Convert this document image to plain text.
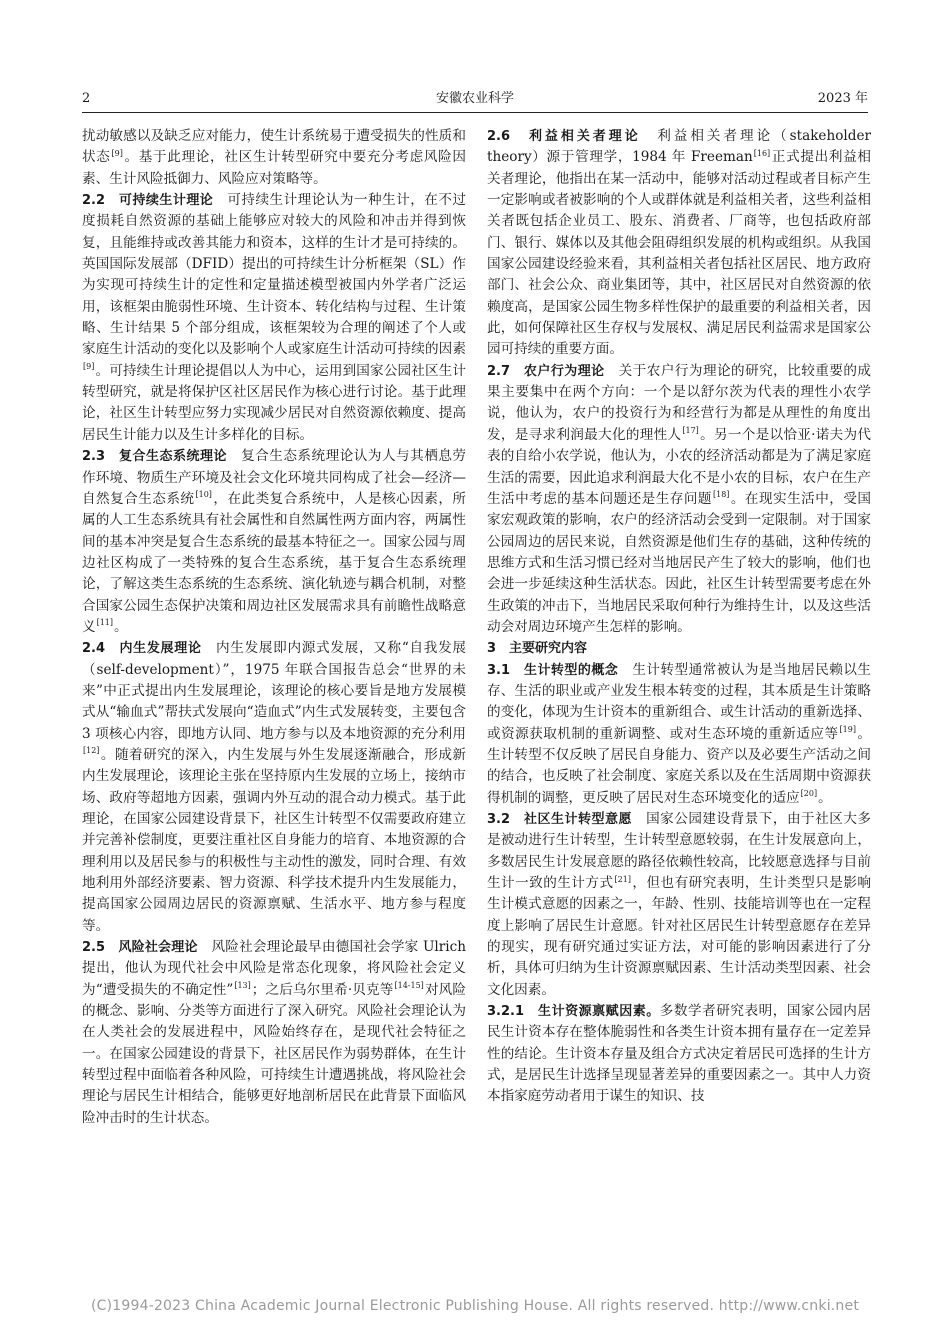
2	安徽农业科学	2023 年

扰动敏感以及缺乏应对能力，使生计系统易于遭受损失的性质和状态[9]。基于此理论，社区生计转型研究中要充分考虑风险因素、生计风险抵御力、风险应对策略等。

2.2　可持续生计理论　可持续生计理论认为一种生计，在不过度损耗自然资源的基础上能够应对较大的风险和冲击并得到恢复，且能维持或改善其能力和资本，这样的生计才是可持续的。英国国际发展部（DFID）提出的可持续生计分析框架（SL）作为实现可持续生计的定性和定量描述模型被国内外学者广泛运用，该框架由脆弱性环境、生计资本、转化结构与过程、生计策略、生计结果 5 个部分组成，该框架较为合理的阐述了个人或家庭生计活动的变化以及影响个人或家庭生计活动可持续的因素[9]。可持续生计理论提倡以人为中心，运用到国家公园社区生计转型研究，就是将保护区社区居民作为核心进行讨论。基于此理论，社区生计转型应努力实现减少居民对自然资源依赖度、提高居民生计能力以及生计多样化的目标。

2.3　复合生态系统理论　复合生态系统理论认为人与其栖息劳作环境、物质生产环境及社会文化环境共同构成了社会—经济—自然复合生态系统[10]，在此类复合系统中，人是核心因素，所属的人工生态系统具有社会属性和自然属性两方面内容，两属性间的基本冲突是复合生态系统的最基本特征之一。国家公园与周边社区构成了一类特殊的复合生态系统，基于复合生态系统理论，了解这类生态系统的生态系统、演化轨迹与耦合机制，对整合国家公园生态保护决策和周边社区发展需求具有前瞻性战略意义[11]。

2.4　内生发展理论　内生发展即内源式发展，又称“自我发展（self-development）”，1975 年联合国报告总会“世界的未来”中正式提出内生发展理论，该理论的核心要旨是地方发展模式从“输血式”帮扶式发展向“造血式”内生式发展转变，主要包含 3 项核心内容，即地方认同、地方参与以及本地资源的充分利用[12]。随着研究的深入，内生发展与外生发展逐渐融合，形成新内生发展理论，该理论主张在坚持原内生发展的立场上，接纳市场、政府等超地方因素，强调内外互动的混合动力模式。基于此理论，在国家公园建设背景下，社区生计转型不仅需要政府建立并完善补偿制度，更要注重社区自身能力的培育、本地资源的合理利用以及居民参与的积极性与主动性的激发，同时合理、有效地利用外部经济要素、智力资源、科学技术提升内生发展能力，提高国家公园周边居民的资源禀赋、生活水平、地方参与程度等。

2.5　风险社会理论　风险社会理论最早由德国社会学家 Ulrich 提出，他认为现代社会中风险是常态化现象，将风险社会定义为“遭受损失的不确定性”[13]；之后乌尔里希·贝克等[14-15]对风险的概念、影响、分类等方面进行了深入研究。风险社会理论认为在人类社会的发展进程中，风险始终存在，是现代社会特征之一。在国家公园建设的背景下，社区居民作为弱势群体，在生计转型过程中面临着各种风险，可持续生计遭遇挑战，将风险社会理论与居民生计相结合，能够更好地剖析居民在此背景下面临风险冲击时的生计状态。

2.6　利益相关者理论　利益相关者理论（stakeholder theory）源于管理学，1984 年 Freeman[16]正式提出利益相关者理论，他指出在某一活动中，能够对活动过程或者目标产生一定影响或者被影响的个人或群体就是利益相关者，这些利益相关者既包括企业员工、股东、消费者、厂商等，也包括政府部门、银行、媒体以及其他会阻碍组织发展的机构或组织。从我国国家公园建设经验来看，其利益相关者包括社区居民、地方政府部门、社会公众、商业集团等，其中，社区居民对自然资源的依赖度高，是国家公园生物多样性保护的最重要的利益相关者，因此，如何保障社区生存权与发展权、满足居民利益需求是国家公园可持续的重要方面。

2.7　农户行为理论　关于农户行为理论的研究，比较重要的成果主要集中在两个方向：一个是以舒尔茨为代表的理性小农学说，他认为，农户的投资行为和经营行为都是从理性的角度出发，是寻求利润最大化的理性人[17]。另一个是以恰亚·诺夫为代表的自给小农学说，他认为，小农的经济活动都是为了满足家庭生活的需要，因此追求利润最大化不是小农的目标，农户在生产生活中考虑的基本问题还是生存问题[18]。在现实生活中，受国家宏观政策的影响，农户的经济活动会受到一定限制。对于国家公园周边的居民来说，自然资源是他们生存的基础，这种传统的思维方式和生活习惯已经对当地居民产生了较大的影响，他们也会进一步延续这种生活状态。因此，社区生计转型需要考虑在外生政策的冲击下，当地居民采取何种行为维持生计，以及这些活动会对周边环境产生怎样的影响。

3　主要研究内容

3.1　生计转型的概念　生计转型通常被认为是当地居民赖以生存、生活的职业或产业发生根本转变的过程，其本质是生计策略的变化，体现为生计资本的重新组合、或生计活动的重新选择、或资源获取机制的重新调整、或对生态环境的重新适应等[19]。生计转型不仅反映了居民自身能力、资产以及必要生产活动之间的结合，也反映了社会制度、家庭关系以及在生活周期中资源获得机制的调整，更反映了居民对生态环境变化的适应[20]。

3.2　社区生计转型意愿　国家公园建设背景下，由于社区大多是被动进行生计转型，生计转型意愿较弱，在生计发展意向上，多数居民生计发展意愿的路径依赖性较高，比较愿意选择与目前生计一致的生计方式[21]，但也有研究表明，生计类型只是影响生计模式意愿的因素之一，年龄、性别、技能培训等也在一定程度上影响了居民生计意愿。针对社区居民生计转型意愿存在差异的现实，现有研究通过实证方法，对可能的影响因素进行了分析，具体可归纳为生计资源禀赋因素、生计活动类型因素、社会文化因素。

3.2.1　生计资源禀赋因素。多数学者研究表明，国家公园内居民生计资本存在整体脆弱性和各类生计资本拥有量存在一定差异性的结论。生计资本存量及组合方式决定着居民可选择的生计方式，是居民生计选择呈现显著差异的重要因素之一。其中人力资本指家庭劳动者用于谋生的知识、技

(C)1994-2023 China Academic Journal Electronic Publishing House. All rights reserved. http://www.cnki.net
